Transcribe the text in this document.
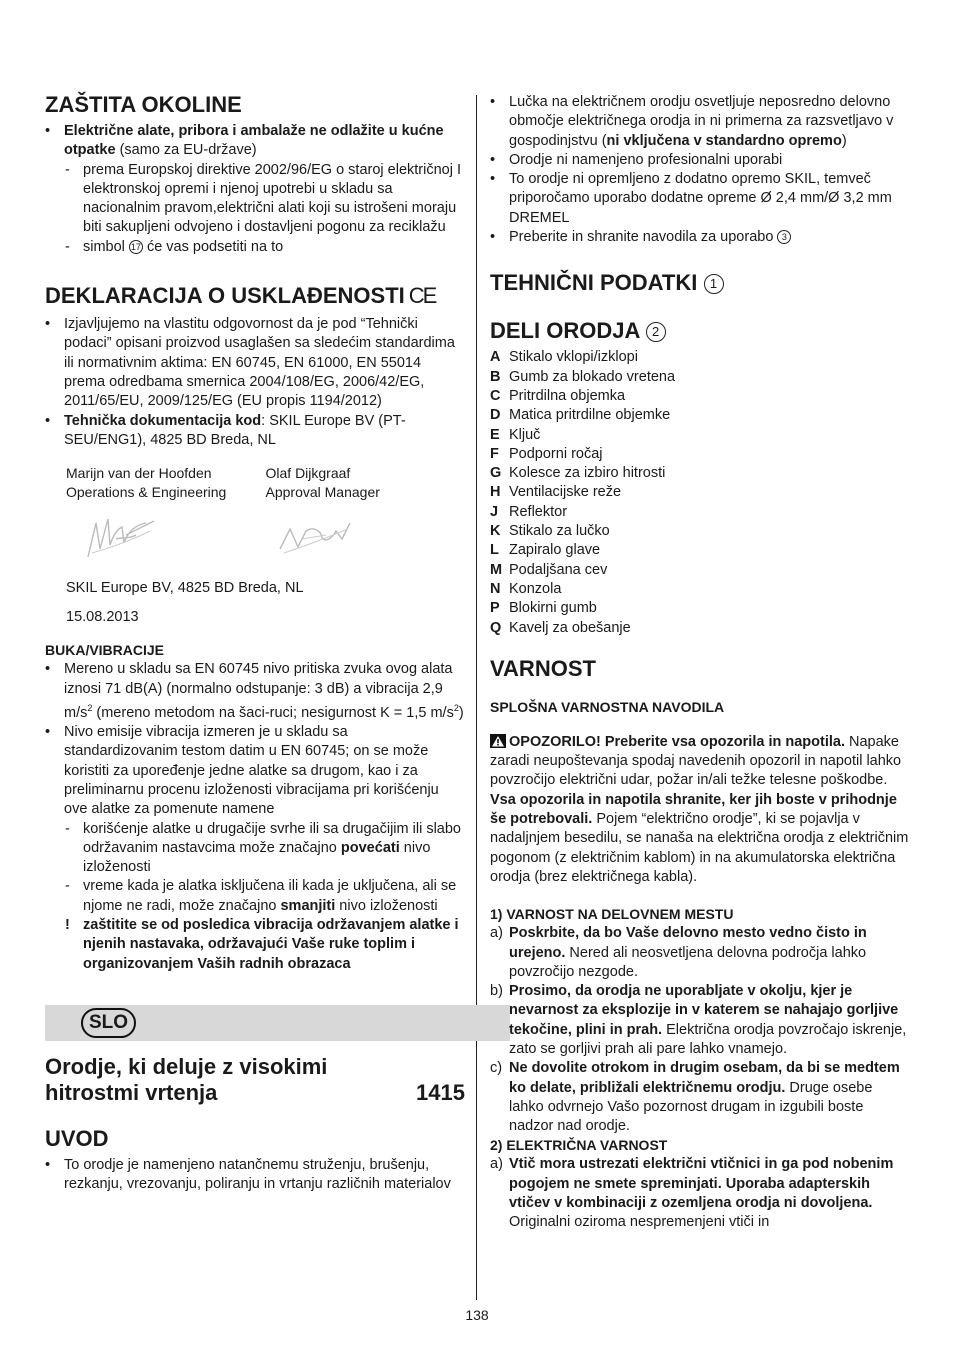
ZAŠTITA OKOLINE
• Električne alate, pribora i ambalaže ne odlažite u kućne otpatke (samo za EU-države)
- prema Europskoj direktive 2002/96/EG o staroj električnoj I elektronskoj opremi i njenoj upotrebi u skladu sa nacionalnim pravom,električni alati koji su istrošeni moraju biti sakupljeni odvojeno i dostavljeni pogonu za reciklažu
- simbol 17 će vas podsetiti na to
DEKLARACIJA O USKLAĐENOSTI CE
• Izjavljujemo na vlastitu odgovornost da je pod “Tehnički podaci” opisani proizvod usaglašen sa sledećim standardima ili normativnim aktima: EN 60745, EN 61000, EN 55014 prema odredbama smernica 2004/108/EG, 2006/42/EG, 2011/65/EU, 2009/125/EG (EU propis 1194/2012)
• Tehnička dokumentacija kod: SKIL Europe BV (PT-SEU/ENG1), 4825 BD Breda, NL
Marijn van der Hoofden
Operations & Engineering
Olaf Dijkgraaf
Approval Manager
SKIL Europe BV, 4825 BD Breda, NL
15.08.2013
BUKA/VIBRACIJE
• Mereno u skladu sa EN 60745 nivo pritiska zvuka ovog alata iznosi 71 dB(A) (normalno odstupanje: 3 dB) a vibracija 2,9 $m/s^2$ (mereno metodom na šaci-ruci; nesigurnost K = 1,5 $m/s^2$)
• Nivo emisije vibracija izmeren je u skladu sa standardizovanim testom datim u EN 60745; on se može koristiti za upoređenje jedne alatke sa drugom, kao i za preliminarnu procenu izloženosti vibracijama pri korišćenju ove alatke za pomenute namene
- korišćenje alatke u drugačije svrhe ili sa drugačijim ili slabo održavanim nastavcima može značajno povećati nivo izloženosti
- vreme kada je alatka isključena ili kada je uključena, ali se njome ne radi, može značajno smanjiti nivo izloženosti
! zaštitite se od posledica vibracija održavanjem alatke i njenih nastavaka, održavajući Vaše ruke toplim i organizovanjem Vaših radnih obrazaca
SLO
Orodje, ki deluje z visokimi
hitrostmi vrtenja	1415
UVOD
• To orodje je namenjeno natančnemu struženju, brušenju, rezkanju, vrezovanju, poliranju in vrtanju različnih materialov
• Lučka na električnem orodju osvetljuje neposredno delovno območje električnega orodja in ni primerna za razsvetljavo v gospodinjstvu (ni vključena v standardno opremo)
• Orodje ni namenjeno profesionalni uporabi
• To orodje ni opremljeno z dodatno opremo SKIL, temveč priporočamo uporabo dodatne opreme Ø 2,4 mm/Ø 3,2 mm DREMEL
• Preberite in shranite navodila za uporabo 3
TEHNIČNI PODATKI 1
DELI ORODJA 2
A Stikalo vklopi/izklopi
B Gumb za blokado vretena
C Pritrdilna objemka
D Matica pritrdilne objemke
E Ključ
F Podporni ročaj
G Kolesce za izbiro hitrosti
H Ventilacijske reže
J Reflektor
K Stikalo za lučko
L Zapiralo glave
M Podaljšana cev
N Konzola
P Blokirni gumb
Q Kavelj za obešanje
VARNOST
SPLOŠNA VARNOSTNA NAVODILA
OPOZORILO! Preberite vsa opozorila in napotila. Napake zaradi neupoštevanja spodaj navedenih opozoril in napotil lahko povzročijo električni udar, požar in/ali težke telesne poškodbe. Vsa opozorila in napotila shranite, ker jih boste v prihodnje še potrebovali. Pojem “električno orodje”, ki se pojavlja v nadaljnjem besedilu, se nanaša na električna orodja z električnim pogonom (z električnim kablom) in na akumulatorska električna orodja (brez električnega kabla).
1) VARNOST NA DELOVNEM MESTU
a) Poskrbite, da bo Vaše delovno mesto vedno čisto in urejeno. Nered ali neosvetljena delovna področja lahko povzročijo nezgode.
b) Prosimo, da orodja ne uporabljate v okolju, kjer je nevarnost za eksplozije in v katerem se nahajajo gorljive tekočine, plini in prah. Električna orodja povzročajo iskrenje, zato se gorljivi prah ali pare lahko vnamejo.
c) Ne dovolite otrokom in drugim osebam, da bi se medtem ko delate, približali električnemu orodju. Druge osebe lahko odvrnejo Vašo pozornost drugam in izgubili boste nadzor nad orodje.
2) ELEKTRIČNA VARNOST
a) Vtič mora ustrezati električni vtičnici in ga pod nobenim pogojem ne smete spreminjati. Uporaba adapterskih vtičev v kombinaciji z ozemljena orodja ni dovoljena. Originalni oziroma nespremenjeni vtiči in
138
